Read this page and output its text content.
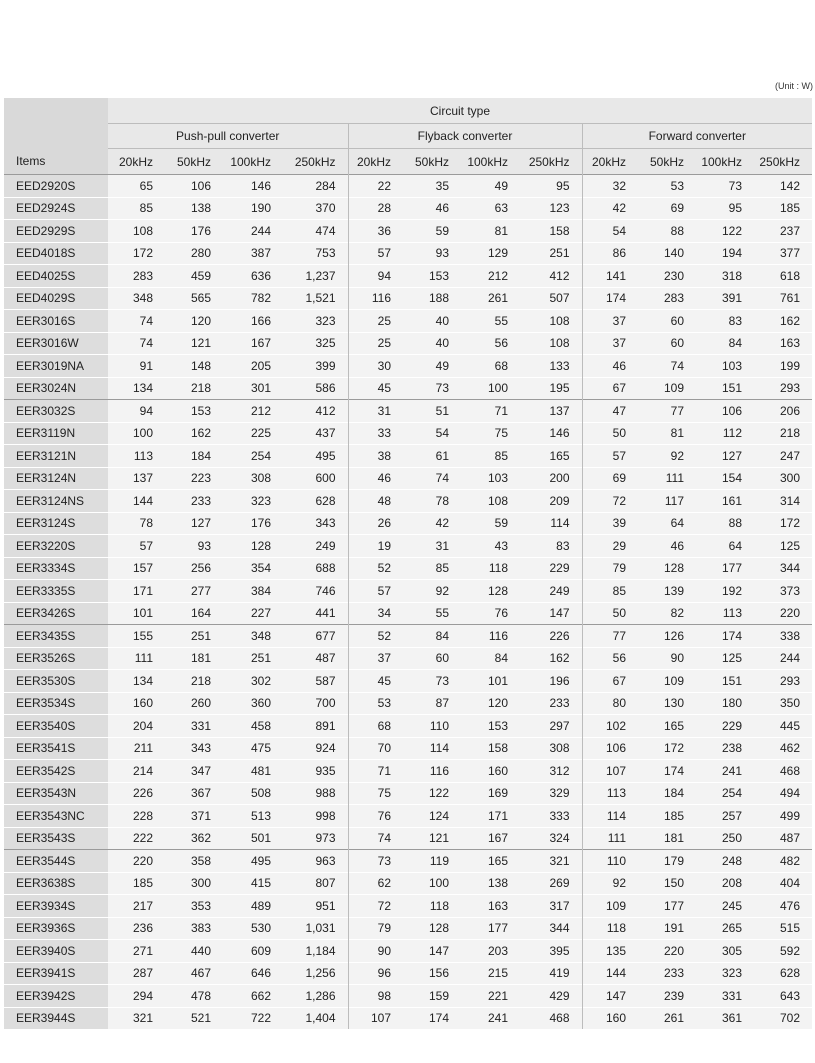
(Unit : W)
Items	Circuit type											
	Push-pull converter				Flyback converter				Forward converter			
	20kHz	50kHz	100kHz	250kHz	20kHz	50kHz	100kHz	250kHz	20kHz	50kHz	100kHz	250kHz
EED2920S	65	106	146	284	22	35	49	95	32	53	73	142
EED2924S	85	138	190	370	28	46	63	123	42	69	95	185
EED2929S	108	176	244	474	36	59	81	158	54	88	122	237
EED4018S	172	280	387	753	57	93	129	251	86	140	194	377
EED4025S	283	459	636	1,237	94	153	212	412	141	230	318	618
EED4029S	348	565	782	1,521	116	188	261	507	174	283	391	761
EER3016S	74	120	166	323	25	40	55	108	37	60	83	162
EER3016W	74	121	167	325	25	40	56	108	37	60	84	163
EER3019NA	91	148	205	399	30	49	68	133	46	74	103	199
EER3024N	134	218	301	586	45	73	100	195	67	109	151	293
EER3032S	94	153	212	412	31	51	71	137	47	77	106	206
EER3119N	100	162	225	437	33	54	75	146	50	81	112	218
EER3121N	113	184	254	495	38	61	85	165	57	92	127	247
EER3124N	137	223	308	600	46	74	103	200	69	111	154	300
EER3124NS	144	233	323	628	48	78	108	209	72	117	161	314
EER3124S	78	127	176	343	26	42	59	114	39	64	88	172
EER3220S	57	93	128	249	19	31	43	83	29	46	64	125
EER3334S	157	256	354	688	52	85	118	229	79	128	177	344
EER3335S	171	277	384	746	57	92	128	249	85	139	192	373
EER3426S	101	164	227	441	34	55	76	147	50	82	113	220
EER3435S	155	251	348	677	52	84	116	226	77	126	174	338
EER3526S	111	181	251	487	37	60	84	162	56	90	125	244
EER3530S	134	218	302	587	45	73	101	196	67	109	151	293
EER3534S	160	260	360	700	53	87	120	233	80	130	180	350
EER3540S	204	331	458	891	68	110	153	297	102	165	229	445
EER3541S	211	343	475	924	70	114	158	308	106	172	238	462
EER3542S	214	347	481	935	71	116	160	312	107	174	241	468
EER3543N	226	367	508	988	75	122	169	329	113	184	254	494
EER3543NC	228	371	513	998	76	124	171	333	114	185	257	499
EER3543S	222	362	501	973	74	121	167	324	111	181	250	487
EER3544S	220	358	495	963	73	119	165	321	110	179	248	482
EER3638S	185	300	415	807	62	100	138	269	92	150	208	404
EER3934S	217	353	489	951	72	118	163	317	109	177	245	476
EER3936S	236	383	530	1,031	79	128	177	344	118	191	265	515
EER3940S	271	440	609	1,184	90	147	203	395	135	220	305	592
EER3941S	287	467	646	1,256	96	156	215	419	144	233	323	628
EER3942S	294	478	662	1,286	98	159	221	429	147	239	331	643
EER3944S	321	521	722	1,404	107	174	241	468	160	261	361	702
